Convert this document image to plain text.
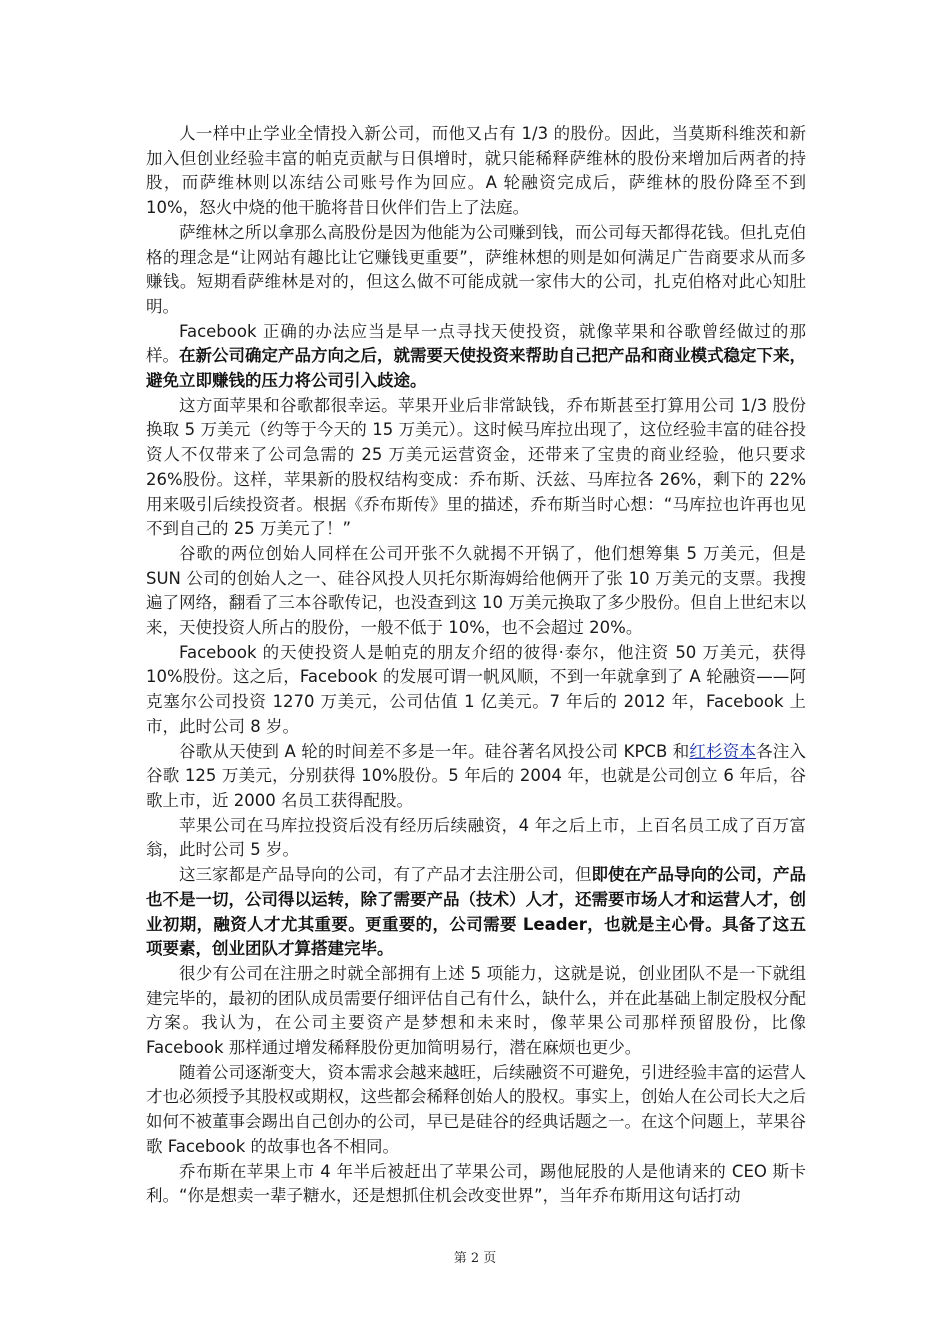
人一样中止学业全情投入新公司，而他又占有 1/3 的股份。因此，当莫斯科维茨和新加入但创业经验丰富的帕克贡献与日俱增时，就只能稀释萨维林的股份来增加后两者的持股，而萨维林则以冻结公司账号作为回应。A 轮融资完成后，萨维林的股份降至不到 10%，怒火中烧的他干脆将昔日伙伴们告上了法庭。

萨维林之所以拿那么高股份是因为他能为公司赚到钱，而公司每天都得花钱。但扎克伯格的理念是“让网站有趣比让它赚钱更重要”，萨维林想的则是如何满足广告商要求从而多赚钱。短期看萨维林是对的，但这么做不可能成就一家伟大的公司，扎克伯格对此心知肚明。

Facebook 正确的办法应当是早一点寻找天使投资，就像苹果和谷歌曾经做过的那样。在新公司确定产品方向之后，就需要天使投资来帮助自己把产品和商业模式稳定下来，避免立即赚钱的压力将公司引入歧途。

这方面苹果和谷歌都很幸运。苹果开业后非常缺钱，乔布斯甚至打算用公司 1/3 股份换取 5 万美元（约等于今天的 15 万美元）。这时候马库拉出现了，这位经验丰富的硅谷投资人不仅带来了公司急需的 25 万美元运营资金，还带来了宝贵的商业经验，他只要求 26%股份。这样，苹果新的股权结构变成：乔布斯、沃兹、马库拉各 26%，剩下的 22%用来吸引后续投资者。根据《乔布斯传》里的描述，乔布斯当时心想：“马库拉也许再也见不到自己的 25 万美元了！”

谷歌的两位创始人同样在公司开张不久就揭不开锅了，他们想筹集 5 万美元，但是 SUN 公司的创始人之一、硅谷风投人贝托尔斯海姆给他俩开了张 10 万美元的支票。我搜遍了网络，翻看了三本谷歌传记，也没查到这 10 万美元换取了多少股份。但自上世纪末以来，天使投资人所占的股份，一般不低于 10%，也不会超过 20%。

Facebook 的天使投资人是帕克的朋友介绍的彼得·泰尔，他注资 50 万美元，获得 10%股份。这之后，Facebook 的发展可谓一帆风顺，不到一年就拿到了 A 轮融资——阿克塞尔公司投资 1270 万美元，公司估值 1 亿美元。7 年后的 2012 年，Facebook 上市，此时公司 8 岁。

谷歌从天使到 A 轮的时间差不多是一年。硅谷著名风投公司 KPCB 和红杉资本各注入谷歌 125 万美元，分别获得 10%股份。5 年后的 2004 年，也就是公司创立 6 年后，谷歌上市，近 2000 名员工获得配股。

苹果公司在马库拉投资后没有经历后续融资，4 年之后上市，上百名员工成了百万富翁，此时公司 5 岁。

这三家都是产品导向的公司，有了产品才去注册公司，但即使在产品导向的公司，产品也不是一切，公司得以运转，除了需要产品（技术）人才，还需要市场人才和运营人才，创业初期，融资人才尤其重要。更重要的，公司需要 Leader，也就是主心骨。具备了这五项要素，创业团队才算搭建完毕。

很少有公司在注册之时就全部拥有上述 5 项能力，这就是说，创业团队不是一下就组建完毕的，最初的团队成员需要仔细评估自己有什么，缺什么，并在此基础上制定股权分配方案。我认为，在公司主要资产是梦想和未来时，像苹果公司那样预留股份，比像 Facebook 那样通过增发稀释股份更加简明易行，潜在麻烦也更少。

随着公司逐渐变大，资本需求会越来越旺，后续融资不可避免，引进经验丰富的运营人才也必须授予其股权或期权，这些都会稀释创始人的股权。事实上，创始人在公司长大之后如何不被董事会踢出自己创办的公司，早已是硅谷的经典话题之一。在这个问题上，苹果谷歌 Facebook 的故事也各不相同。

乔布斯在苹果上市 4 年半后被赶出了苹果公司，踢他屁股的人是他请来的 CEO 斯卡利。“你是想卖一辈子糖水，还是想抓住机会改变世界”，当年乔布斯用这句话打动

第 2 页
